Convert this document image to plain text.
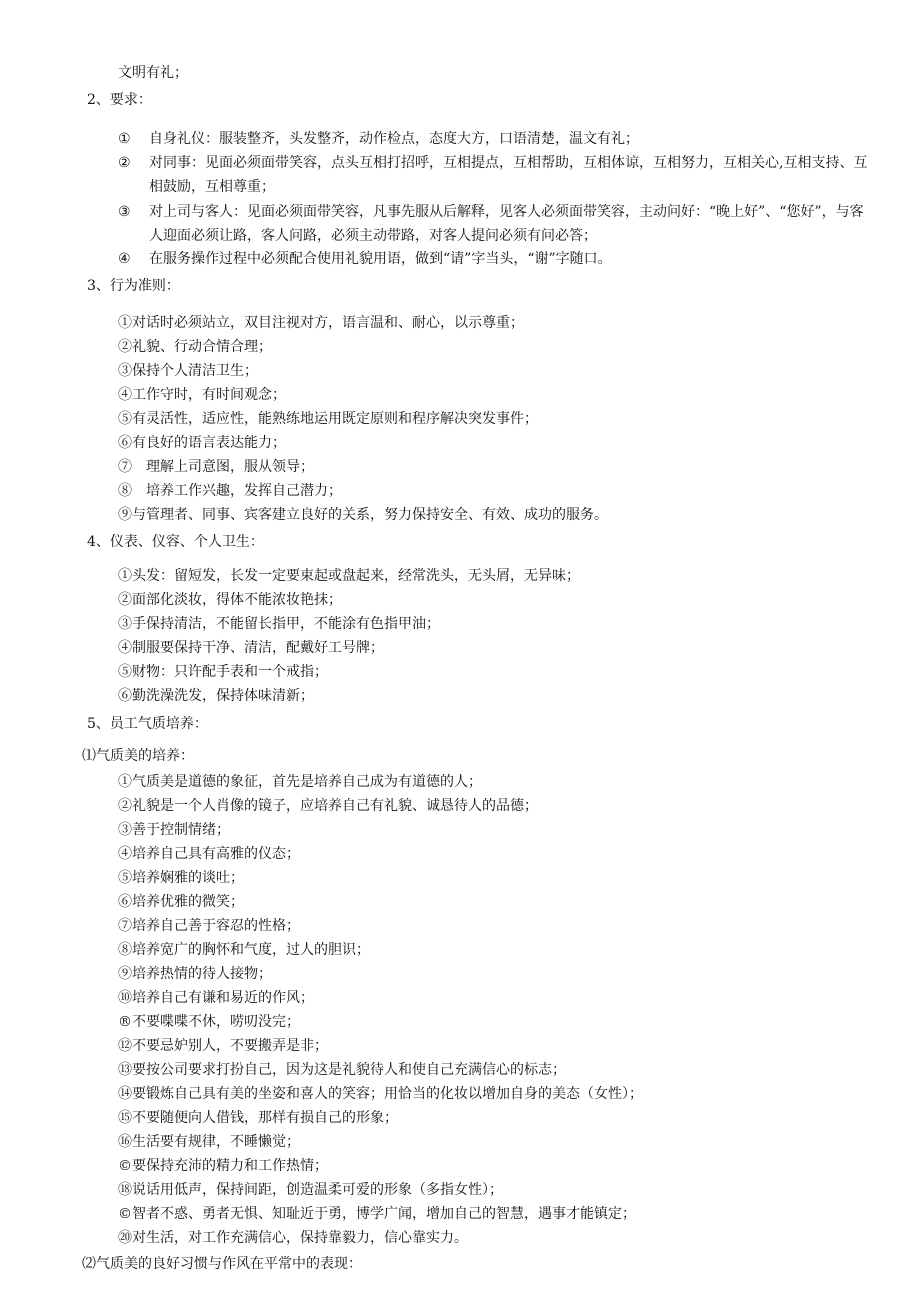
文明有礼；
2、要求：
① 自身礼仪：服装整齐，头发整齐，动作检点，态度大方，口语清楚，温文有礼；
② 对同事：见面必须面带笑容，点头互相打招呼，互相提点，互相帮助，互相体谅，互相努力，互相关心,互相支持、互相鼓励，互相尊重；
③ 对上司与客人：见面必须面带笑容，凡事先服从后解释，见客人必须面带笑容，主动问好：“晚上好”、“您好”，与客人迎面必须让路，客人问路，必须主动带路，对客人提问必须有问必答；
④ 在服务操作过程中必须配合使用礼貌用语，做到“请”字当头，“谢”字随口。
3、行为准则：
①对话时必须站立，双目注视对方，语言温和、耐心，以示尊重；
②礼貌、行动合情合理；
③保持个人清洁卫生；
④工作守时，有时间观念；
⑤有灵活性，适应性，能熟练地运用既定原则和程序解决突发事件；
⑥有良好的语言表达能力；
⑦　理解上司意图，服从领导；
⑧　培养工作兴趣，发挥自己潜力；
⑨与管理者、同事、宾客建立良好的关系，努力保持安全、有效、成功的服务。
4、仪表、仪容、个人卫生：
①头发：留短发，长发一定要束起或盘起来，经常洗头，无头屑，无异味；
②面部化淡妆，得体不能浓妆艳抹；
③手保持清洁，不能留长指甲，不能涂有色指甲油；
④制服要保持干净、清洁，配戴好工号牌；
⑤财物：只许配手表和一个戒指；
⑥勤洗澡洗发，保持体味清新；
5、员工气质培养：
⑴气质美的培养：
①气质美是道德的象征，首先是培养自己成为有道德的人；
②礼貌是一个人肖像的镜子，应培养自己有礼貌、诚恳待人的品德；
③善于控制情绪；
④培养自己具有高雅的仪态；
⑤培养娴雅的谈吐；
⑥培养优雅的微笑；
⑦培养自己善于容忍的性格；
⑧培养宽广的胸怀和气度，过人的胆识；
⑨培养热情的待人接物；
⑩培养自己有谦和易近的作风；
®不要喋喋不休，唠叨没完；
⑫不要忌妒别人，不要搬弄是非；
⑬要按公司要求打扮自己，因为这是礼貌待人和使自己充满信心的标志；
⑭要锻炼自己具有美的坐姿和喜人的笑容；用恰当的化妆以增加自身的美态（女性）；
⑮不要随便向人借钱，那样有损自己的形象；
⑯生活要有规律，不睡懒觉；
©要保持充沛的精力和工作热情；
⑱说话用低声，保持间距，创造温柔可爱的形象（多指女性）；
©智者不惑、勇者无惧、知耻近于勇，博学广闻，增加自己的智慧，遇事才能镇定；
⑳对生活，对工作充满信心，保持靠毅力，信心靠实力。
⑵气质美的良好习惯与作风在平常中的表现：
